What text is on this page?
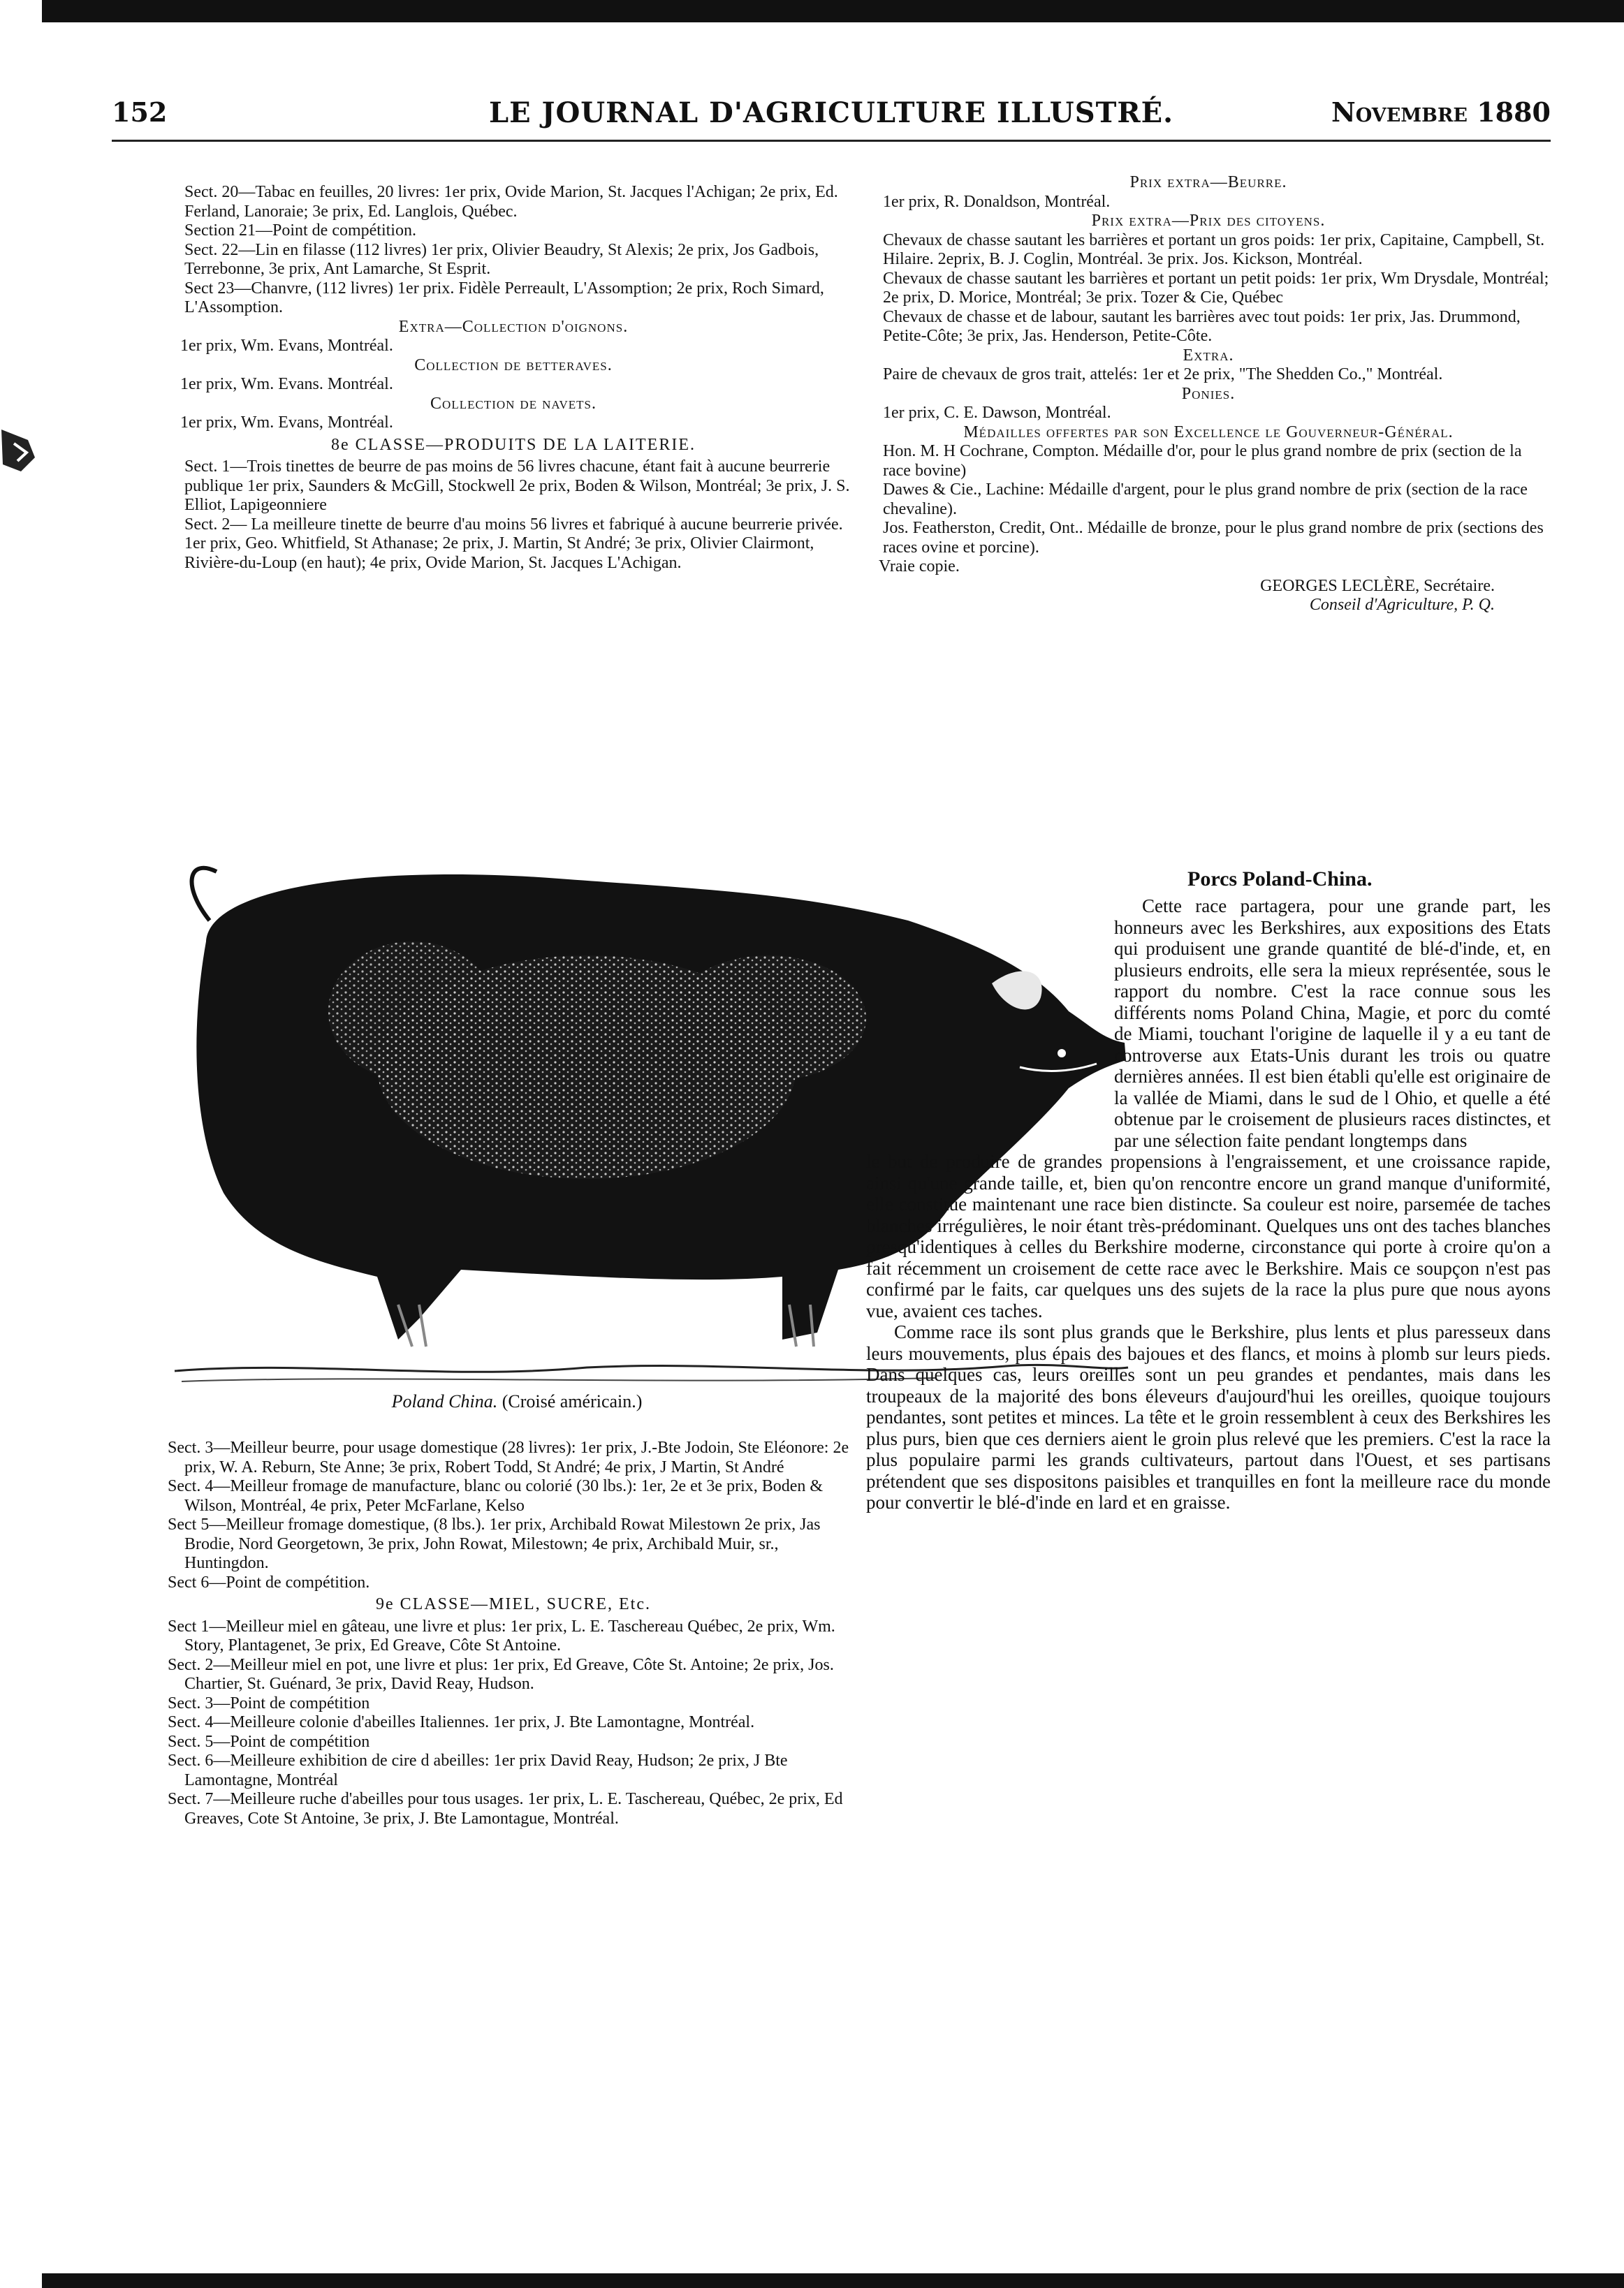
152	LE JOURNAL D'AGRICULTURE ILLUSTRÉ.	Novembre 1880

Sect. 20—Tabac en feuilles, 20 livres: 1er prix, Ovide Marion, St. Jacques l'Achigan; 2e prix, Ed. Ferland, Lanoraie; 3e prix, Ed. Langlois, Québec.

Section 21—Point de compétition.

Sect. 22—Lin en filasse (112 livres) 1er prix, Olivier Beaudry, St Alexis; 2e prix, Jos Gadbois, Terrebonne, 3e prix, Ant Lamarche, St Esprit.

Sect 23—Chanvre, (112 livres) 1er prix. Fidèle Perreault, L'Assomption; 2e prix, Roch Simard, L'Assomption.

Extra—Collection d'oignons.

1er prix, Wm. Evans, Montréal.

Collection de betteraves.

1er prix, Wm. Evans. Montréal.

Collection de navets.

1er prix, Wm. Evans, Montréal.

8e CLASSE—PRODUITS DE LA LAITERIE.

Sect. 1—Trois tinettes de beurre de pas moins de 56 livres chacune, étant fait à aucune beurrerie publique 1er prix, Saunders & McGill, Stockwell 2e prix, Boden & Wilson, Montréal; 3e prix, J. S. Elliot, Lapigeonniere

Sect. 2— La meilleure tinette de beurre d'au moins 56 livres et fabriqué à aucune beurrerie privée. 1er prix, Geo. Whitfield, St Athanase; 2e prix, J. Martin, St André; 3e prix, Olivier Clairmont, Rivière-du-Loup (en haut); 4e prix, Ovide Marion, St. Jacques L'Achigan.

Prix extra—Beurre.

1er prix, R. Donaldson, Montréal.

Prix extra—Prix des citoyens.

Chevaux de chasse sautant les barrières et portant un gros poids: 1er prix, Capitaine, Campbell, St. Hilaire. 2eprix, B. J. Coglin, Montréal. 3e prix. Jos. Kickson, Montréal.

Chevaux de chasse sautant les barrières et portant un petit poids: 1er prix, Wm Drysdale, Montréal; 2e prix, D. Morice, Montréal; 3e prix. Tozer & Cie, Québec

Chevaux de chasse et de labour, sautant les barrières avec tout poids: 1er prix, Jas. Drummond, Petite-Côte; 3e prix, Jas. Henderson, Petite-Côte.

Extra.

Paire de chevaux de gros trait, attelés: 1er et 2e prix, "The Shedden Co.," Montréal.

Ponies.

1er prix, C. E. Dawson, Montréal.

Médailles offertes par son Excellence le Gouverneur-Général.

Hon. M. H Cochrane, Compton. Médaille d'or, pour le plus grand nombre de prix (section de la race bovine)

Dawes & Cie., Lachine: Médaille d'argent, pour le plus grand nombre de prix (section de la race chevaline).

Jos. Featherston, Credit, Ont.. Médaille de bronze, pour le plus grand nombre de prix (sections des races ovine et porcine).

Vraie copie.

GEORGES LECLÈRE, Secrétaire.

Conseil d'Agriculture, P. Q.

Poland China. (Croisé américain.)
Porcs Poland-China.

Cette race partagera, pour une grande part, les honneurs avec les Berkshires, aux expositions des Etats qui produisent une grande quantité de blé-d'inde, et, en plusieurs endroits, elle sera la mieux représentée, sous le rapport du nombre. C'est la race connue sous les différents noms Poland China, Magie, et porc du comté de Miami, touchant l'origine de laquelle il y a eu tant de controverse aux Etats-Unis durant les trois ou quatre dernières années. Il est bien établi qu'elle est originaire de la vallée de Miami, dans le sud de l Ohio, et quelle a été obtenue par le croisement de plusieurs races distinctes, et par une sélection faite pendant longtemps dans

le but de produire de grandes propensions à l'engraissement, et une croissance rapide, ainsi qu'une grande taille, et, bien qu'on rencontre encore un grand manque d'uniformité, elle constitue maintenant une race bien distincte. Sa couleur est noire, parsemée de taches blanches irrégulières, le noir étant très-prédominant. Quelques uns ont des taches blanches presqu'identiques à celles du Berkshire moderne, circonstance qui porte à croire qu'on a fait récemment un croisement de cette race avec le Berkshire. Mais ce soupçon n'est pas confirmé par le faits, car quelques uns des sujets de la race la plus pure que nous ayons vue, avaient ces taches.

Comme race ils sont plus grands que le Berkshire, plus lents et plus paresseux dans leurs mouvements, plus épais des bajoues et des flancs, et moins à plomb sur leurs pieds. Dans quelques cas, leurs oreilles sont un peu grandes et pendantes, mais dans les troupeaux de la majorité des bons éleveurs d'aujourd'hui les oreilles, quoique toujours pendantes, sont petites et minces. La tête et le groin ressemblent à ceux des Berkshires les plus purs, bien que ces derniers aient le groin plus relevé que les premiers. C'est la race la plus populaire parmi les grands cultivateurs, partout dans l'Ouest, et ses partisans prétendent que ses dispositons paisibles et tranquilles en font la meilleure race du monde pour convertir le blé-d'inde en lard et en graisse.

Sect. 3—Meilleur beurre, pour usage domestique (28 livres): 1er prix, J.-Bte Jodoin, Ste Eléonore: 2e prix, W. A. Reburn, Ste Anne; 3e prix, Robert Todd, St André; 4e prix, J Martin, St André

Sect. 4—Meilleur fromage de manufacture, blanc ou colorié (30 lbs.): 1er, 2e et 3e prix, Boden & Wilson, Montréal, 4e prix, Peter McFarlane, Kelso

Sect 5—Meilleur fromage domestique, (8 lbs.). 1er prix, Archibald Rowat Milestown 2e prix, Jas Brodie, Nord Georgetown, 3e prix, John Rowat, Milestown; 4e prix, Archibald Muir, sr., Huntingdon.

Sect 6—Point de compétition.

9e CLASSE—MIEL, SUCRE, Etc.

Sect 1—Meilleur miel en gâteau, une livre et plus: 1er prix, L. E. Taschereau Québec, 2e prix, Wm. Story, Plantagenet, 3e prix, Ed Greave, Côte St Antoine.

Sect. 2—Meilleur miel en pot, une livre et plus: 1er prix, Ed Greave, Côte St. Antoine; 2e prix, Jos. Chartier, St. Guénard, 3e prix, David Reay, Hudson.

Sect. 3—Point de compétition

Sect. 4—Meilleure colonie d'abeilles Italiennes. 1er prix, J. Bte Lamontagne, Montréal.

Sect. 5—Point de compétition

Sect. 6—Meilleure exhibition de cire d abeilles: 1er prix David Reay, Hudson; 2e prix, J Bte Lamontagne, Montréal

Sect. 7—Meilleure ruche d'abeilles pour tous usages. 1er prix, L. E. Taschereau, Québec, 2e prix, Ed Greaves, Cote St Antoine, 3e prix, J. Bte Lamontague, Montréal.
